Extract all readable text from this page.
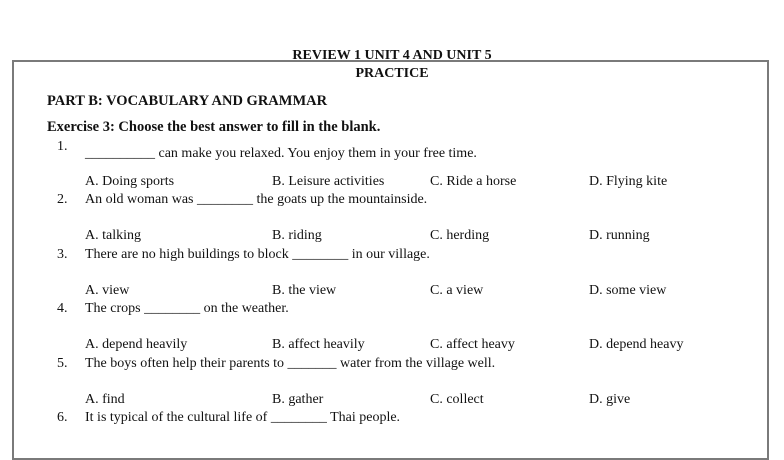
REVIEW 1 UNIT 4 AND UNIT 5
PRACTICE
PART B: VOCABULARY AND GRAMMAR
Exercise 3: Choose the best answer to fill in the blank.
1. __________ can make you relaxed. You enjoy them in your free time.
A. Doing sports	B. Leisure activities	C. Ride a horse	D. Flying kite
2. An old woman was ________ the goats up the mountainside.
A. talking	B. riding	C. herding	D. running
3. There are no high buildings to block ________ in our village.
A. view	B. the view	C. a view	D. some view
4. The crops ________ on the weather.
A. depend heavily	B. affect heavily	C. affect heavy	D. depend heavy
5. The boys often help their parents to _______ water from the village well.
A. find	B. gather	C. collect	D. give
6. It is typical of the cultural life of ________ Thai people.
